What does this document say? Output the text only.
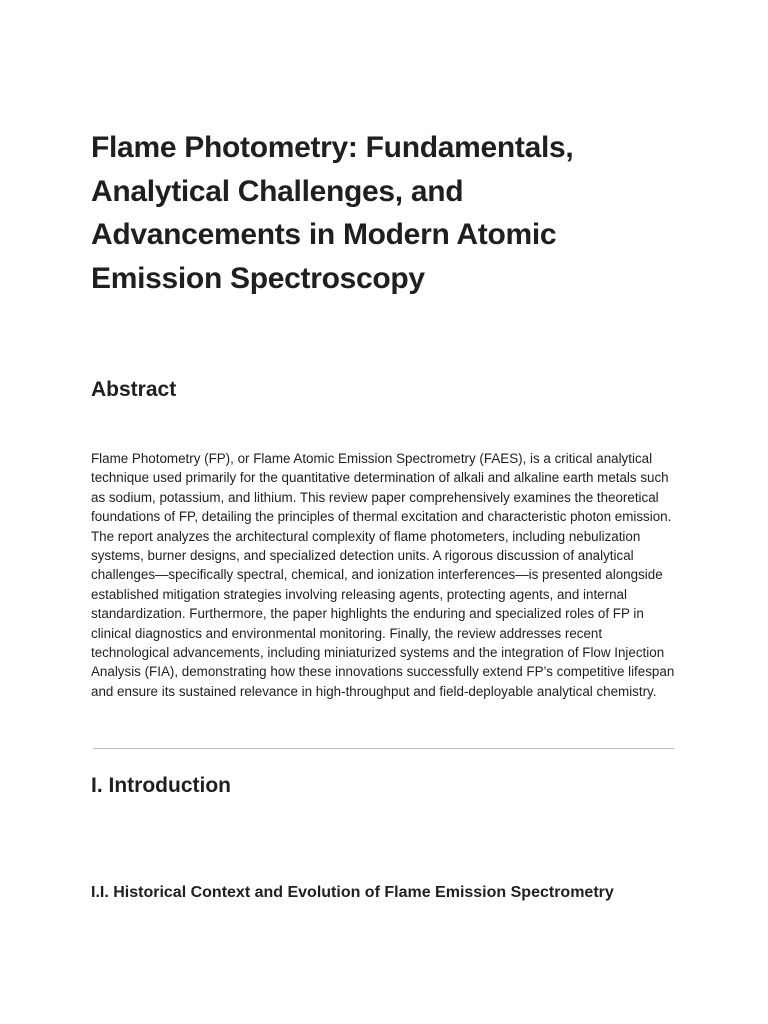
Flame Photometry: Fundamentals, Analytical Challenges, and Advancements in Modern Atomic Emission Spectroscopy
Abstract

Flame Photometry (FP), or Flame Atomic Emission Spectrometry (FAES), is a critical analytical technique used primarily for the quantitative determination of alkali and alkaline earth metals such as sodium, potassium, and lithium. This review paper comprehensively examines the theoretical foundations of FP, detailing the principles of thermal excitation and characteristic photon emission. The report analyzes the architectural complexity of flame photometers, including nebulization systems, burner designs, and specialized detection units. A rigorous discussion of analytical challenges—specifically spectral, chemical, and ionization interferences—is presented alongside established mitigation strategies involving releasing agents, protecting agents, and internal standardization. Furthermore, the paper highlights the enduring and specialized roles of FP in clinical diagnostics and environmental monitoring. Finally, the review addresses recent technological advancements, including miniaturized systems and the integration of Flow Injection Analysis (FIA), demonstrating how these innovations successfully extend FP’s competitive lifespan and ensure its sustained relevance in high-throughput and field-deployable analytical chemistry.

I. Introduction
I.I. Historical Context and Evolution of Flame Emission Spectrometry
